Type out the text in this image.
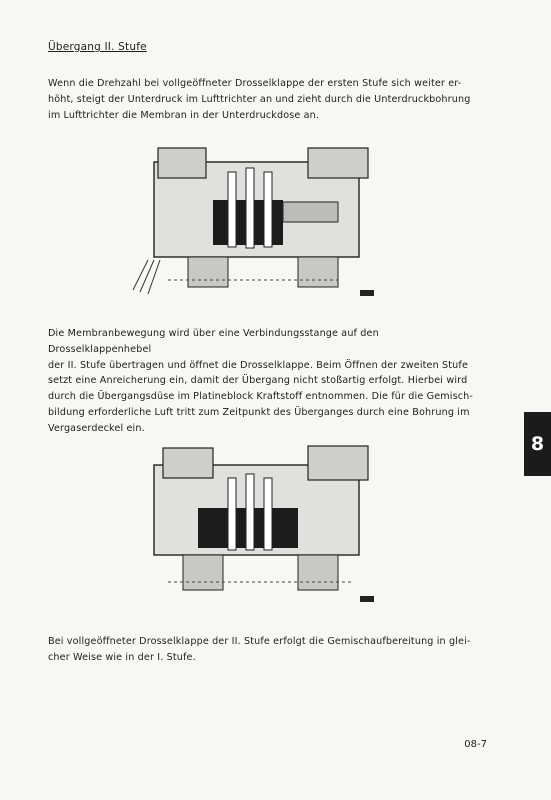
Übergang II. Stufe
Wenn die Drehzahl bei vollgeöffneter Drosselklappe der ersten Stufe sich weiter er-
höht, steigt der Unterdruck im Lufttrichter an und zieht durch die Unterdruckbohrung
im Lufttrichter die Membran in der Unterdruckdose an.
Die Membranbewegung wird über eine Verbindungsstange auf den Drosselklappenhebel
der II. Stufe übertragen und öffnet die Drosselklappe. Beim Öffnen der zweiten Stufe
setzt eine Anreicherung ein, damit der Übergang nicht stoßartig erfolgt. Hierbei wird
durch die Übergangsdüse im Platineblock Kraftstoff entnommen. Die für die Gemisch-
bildung erforderliche Luft tritt zum Zeitpunkt des Überganges durch eine Bohrung im
Vergaserdeckel ein.
Bei vollgeöffneter Drosselklappe der II. Stufe erfolgt die Gemischaufbereitung in glei-
cher Weise wie in der I. Stufe.
8
08-7
